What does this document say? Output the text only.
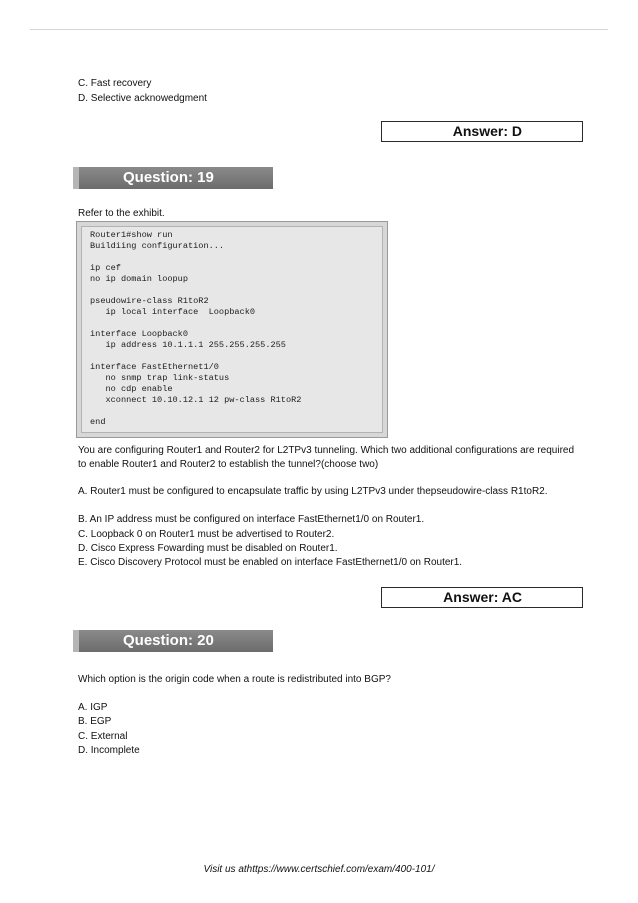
C. Fast recovery
D. Selective acknowedgment
Answer: D
Question: 19
Refer to the exhibit.
Router1#show run
Buildiing configuration...
ip cef
no ip domain loopup
pseudowire-class R1toR2
ip local interface  Loopback0
interface Loopback0
ip address 10.1.1.1 255.255.255.255
interface FastEthernet1/0
no snmp trap link-status
no cdp enable
xconnect 10.10.12.1 12 pw-class R1toR2
end
You are configuring Router1 and Router2 for L2TPv3 tunneling. Which two additional configurations are required to enable Router1 and Router2 to establish the tunnel?(choose two)
A. Router1 must be configured to encapsulate traffic by using L2TPv3 under thepseudowire-class R1toR2.
B. An IP address must be configured on interface FastEthernet1/0 on Router1.
C. Loopback 0 on Router1 must be advertised to Router2.
D. Cisco Express Fowarding must be disabled on Router1.
E. Cisco Discovery Protocol must be enabled on interface FastEthernet1/0 on Router1.
Answer: AC
Question: 20
Which option is the origin code when a route is redistributed into BGP?
A. IGP
B. EGP
C. External
D. Incomplete
Visit us athttps://www.certschief.com/exam/400-101/
